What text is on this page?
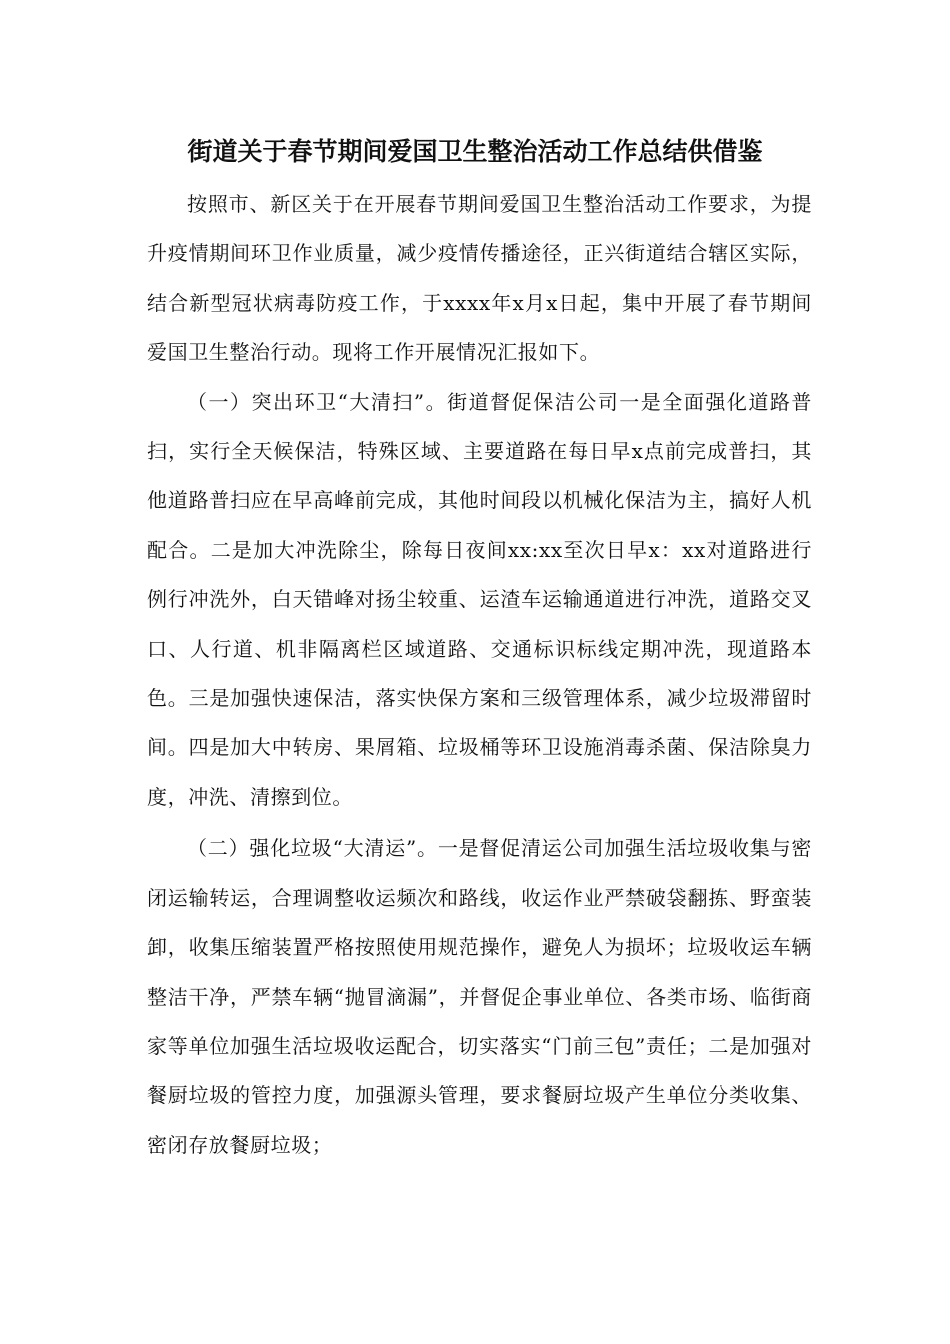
街道关于春节期间爱国卫生整治活动工作总结供借鉴

按照市、新区关于在开展春节期间爱国卫生整治活动工作要求，为提升疫情期间环卫作业质量，减少疫情传播途径，正兴街道结合辖区实际，结合新型冠状病毒防疫工作，于xxxx年x月x日起，集中开展了春节期间爱国卫生整治行动。现将工作开展情况汇报如下。

（一）突出环卫“大清扫”。街道督促保洁公司一是全面强化道路普扫，实行全天候保洁，特殊区域、主要道路在每日早x点前完成普扫，其他道路普扫应在早高峰前完成，其他时间段以机械化保洁为主，搞好人机配合。二是加大冲洗除尘，除每日夜间xx:xx至次日早x：xx对道路进行例行冲洗外，白天错峰对扬尘较重、运渣车运输通道进行冲洗，道路交叉口、人行道、机非隔离栏区域道路、交通标识标线定期冲洗，现道路本色。三是加强快速保洁，落实快保方案和三级管理体系，减少垃圾滞留时间。四是加大中转房、果屑箱、垃圾桶等环卫设施消毒杀菌、保洁除臭力度，冲洗、清擦到位。

（二）强化垃圾“大清运”。一是督促清运公司加强生活垃圾收集与密闭运输转运，合理调整收运频次和路线，收运作业严禁破袋翻拣、野蛮装卸，收集压缩装置严格按照使用规范操作，避免人为损坏；垃圾收运车辆整洁干净，严禁车辆“抛冒滴漏”，并督促企事业单位、各类市场、临街商家等单位加强生活垃圾收运配合，切实落实“门前三包”责任；二是加强对餐厨垃圾的管控力度，加强源头管理，要求餐厨垃圾产生单位分类收集、密闭存放餐厨垃圾；
